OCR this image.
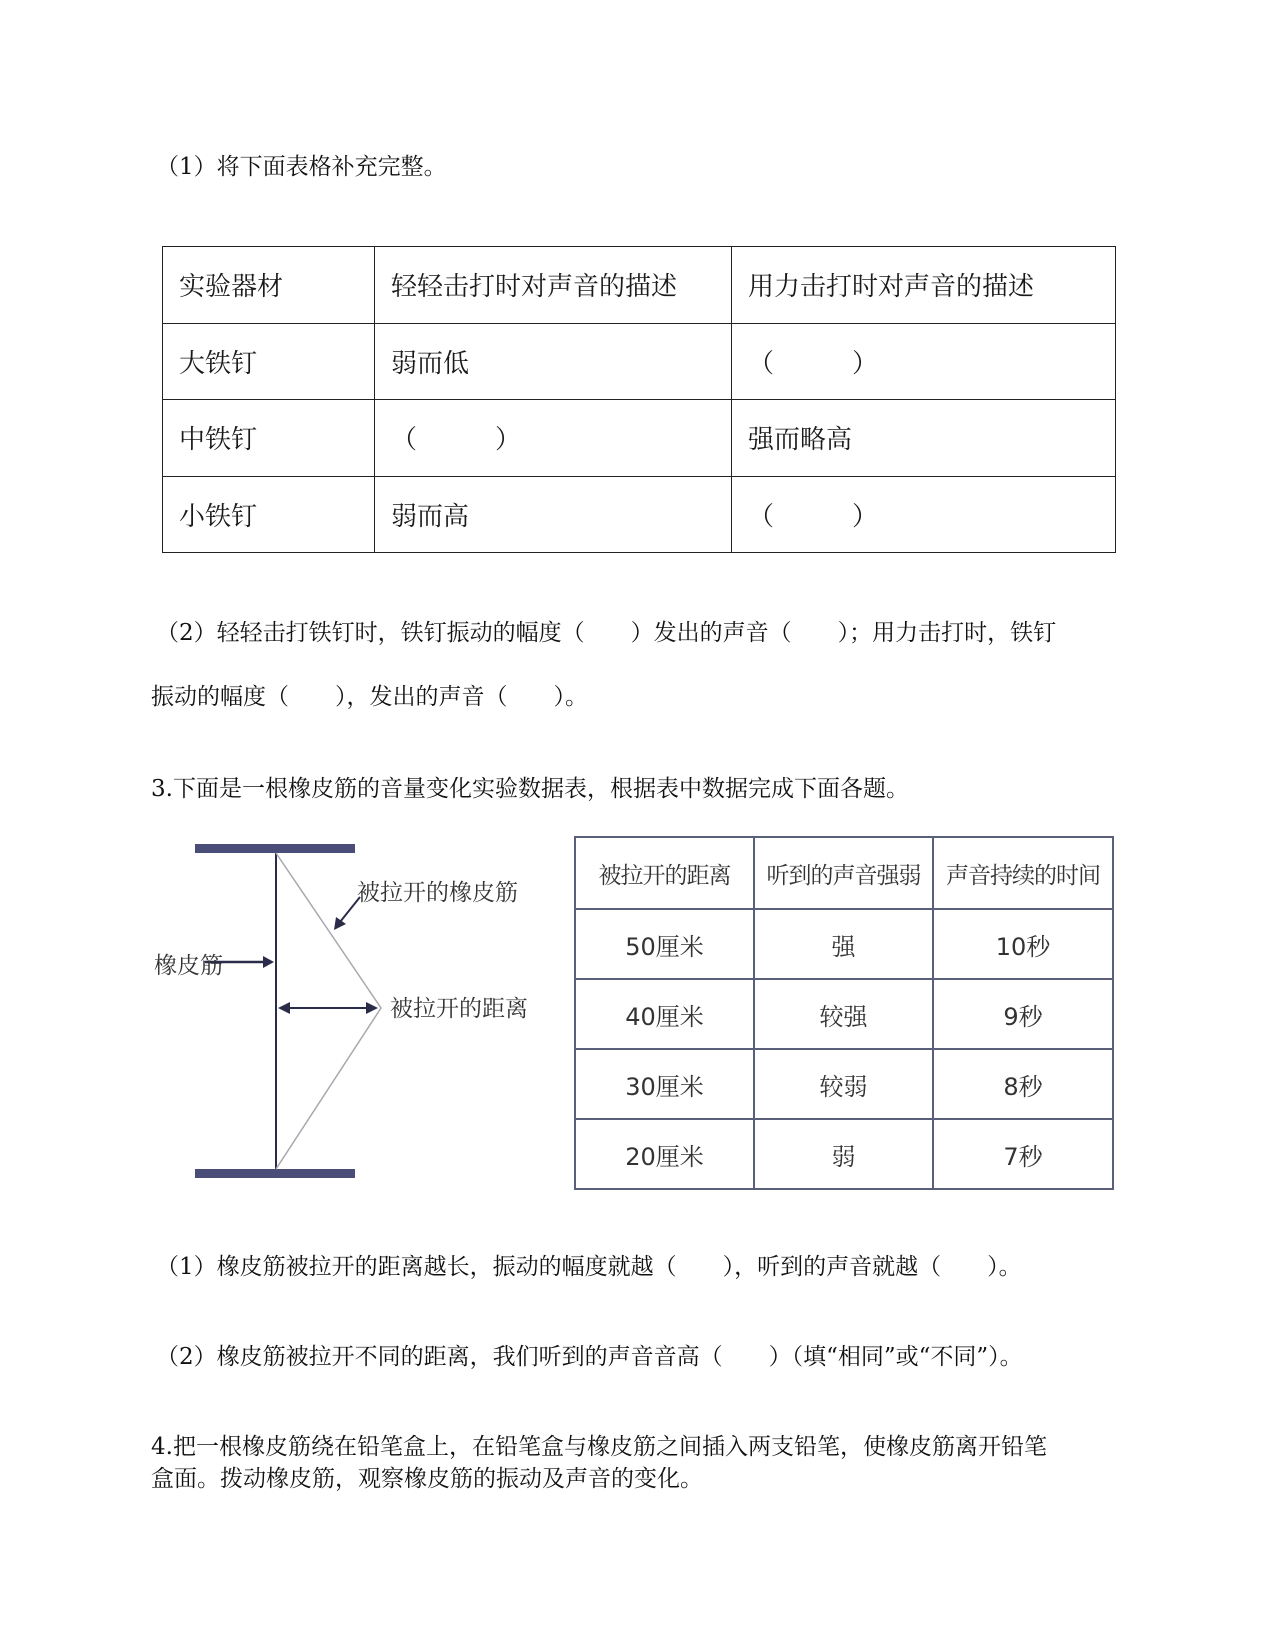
（1）将下面表格补充完整。
实验器材	轻轻击打时对声音的描述	用力击打时对声音的描述
大铁钉	弱而低	（　　　）
中铁钉	（　　　）	强而略高
小铁钉	弱而高	（　　　）
（2）轻轻击打铁钉时，铁钉振动的幅度（　　）发出的声音（　　）；用力击打时，铁钉
振动的幅度（　　），发出的声音（　　）。
3.下面是一根橡皮筋的音量变化实验数据表，根据表中数据完成下面各题。
橡皮筋
被拉开的橡皮筋
被拉开的距离
被拉开的距离	听到的声音强弱	声音持续的时间
50厘米	强	10秒
40厘米	较强	9秒
30厘米	较弱	8秒
20厘米	弱	7秒
（1）橡皮筋被拉开的距离越长，振动的幅度就越（　　），听到的声音就越（　　）。
（2）橡皮筋被拉开不同的距离，我们听到的声音音高（　　）（填“相同”或“不同”）。
4.把一根橡皮筋绕在铅笔盒上，在铅笔盒与橡皮筋之间插入两支铅笔，使橡皮筋离开铅笔
盒面。拨动橡皮筋，观察橡皮筋的振动及声音的变化。
